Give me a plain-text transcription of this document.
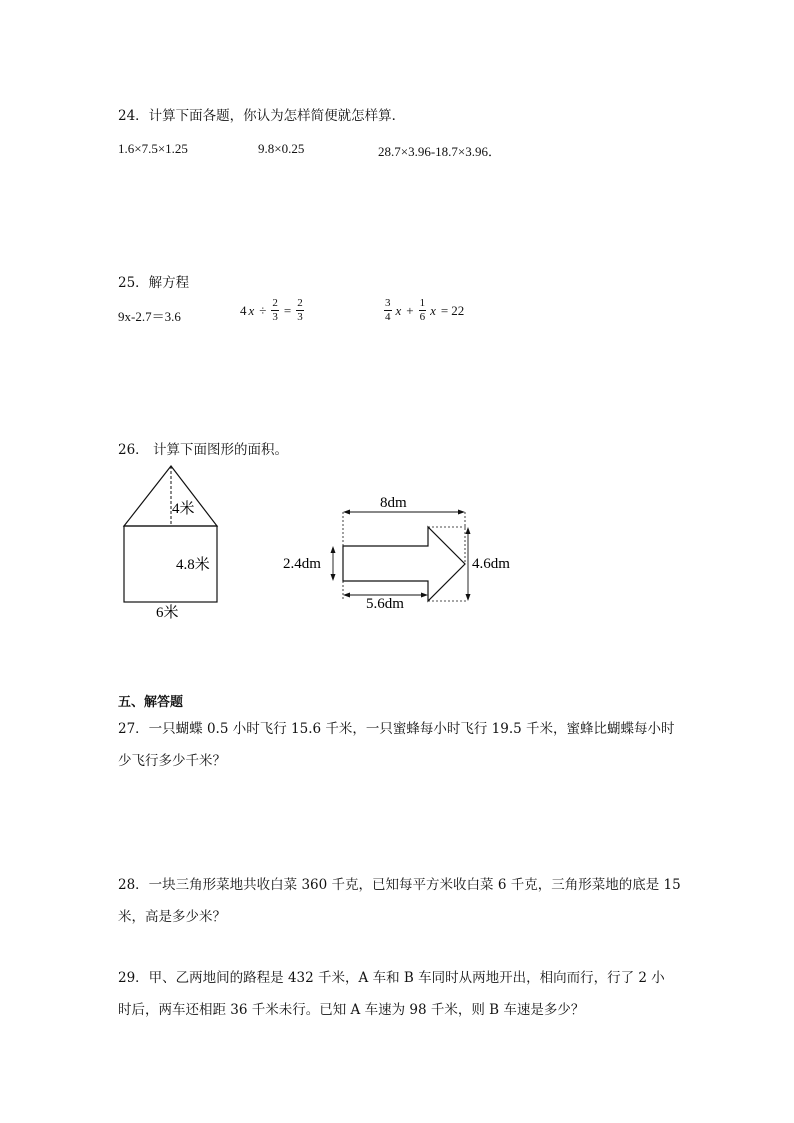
24．计算下面各题，你认为怎样简便就怎样算．
1.6×7.5×1.25	9.8×0.25	28.7×3.96-18.7×3.96．
25．解方程
9x-2.7＝3.6	4 $x \div \frac{2}{3} = \frac{2}{3}$	$\frac{3}{4}$ $x + \frac{1}{6}$ x = 22
26． 计算下面图形的面积。
4米
4.8米
6米
8dm
2.4dm	4.6dm
5.6dm
五、解答题
27．一只蝴蝶 0.5 小时飞行 15.6 千米，一只蜜蜂每小时飞行 19.5 千米，蜜蜂比蝴蝶每小时
少飞行多少千米？
28．一块三角形菜地共收白菜 360 千克，已知每平方米收白菜 6 千克，三角形菜地的底是 15
米，高是多少米？
29．甲、乙两地间的路程是 432 千米，A 车和 B 车同时从两地开出，相向而行，行了 2 小
时后，两车还相距 36 千米未行。已知 A 车速为 98 千米，则 B 车速是多少？
